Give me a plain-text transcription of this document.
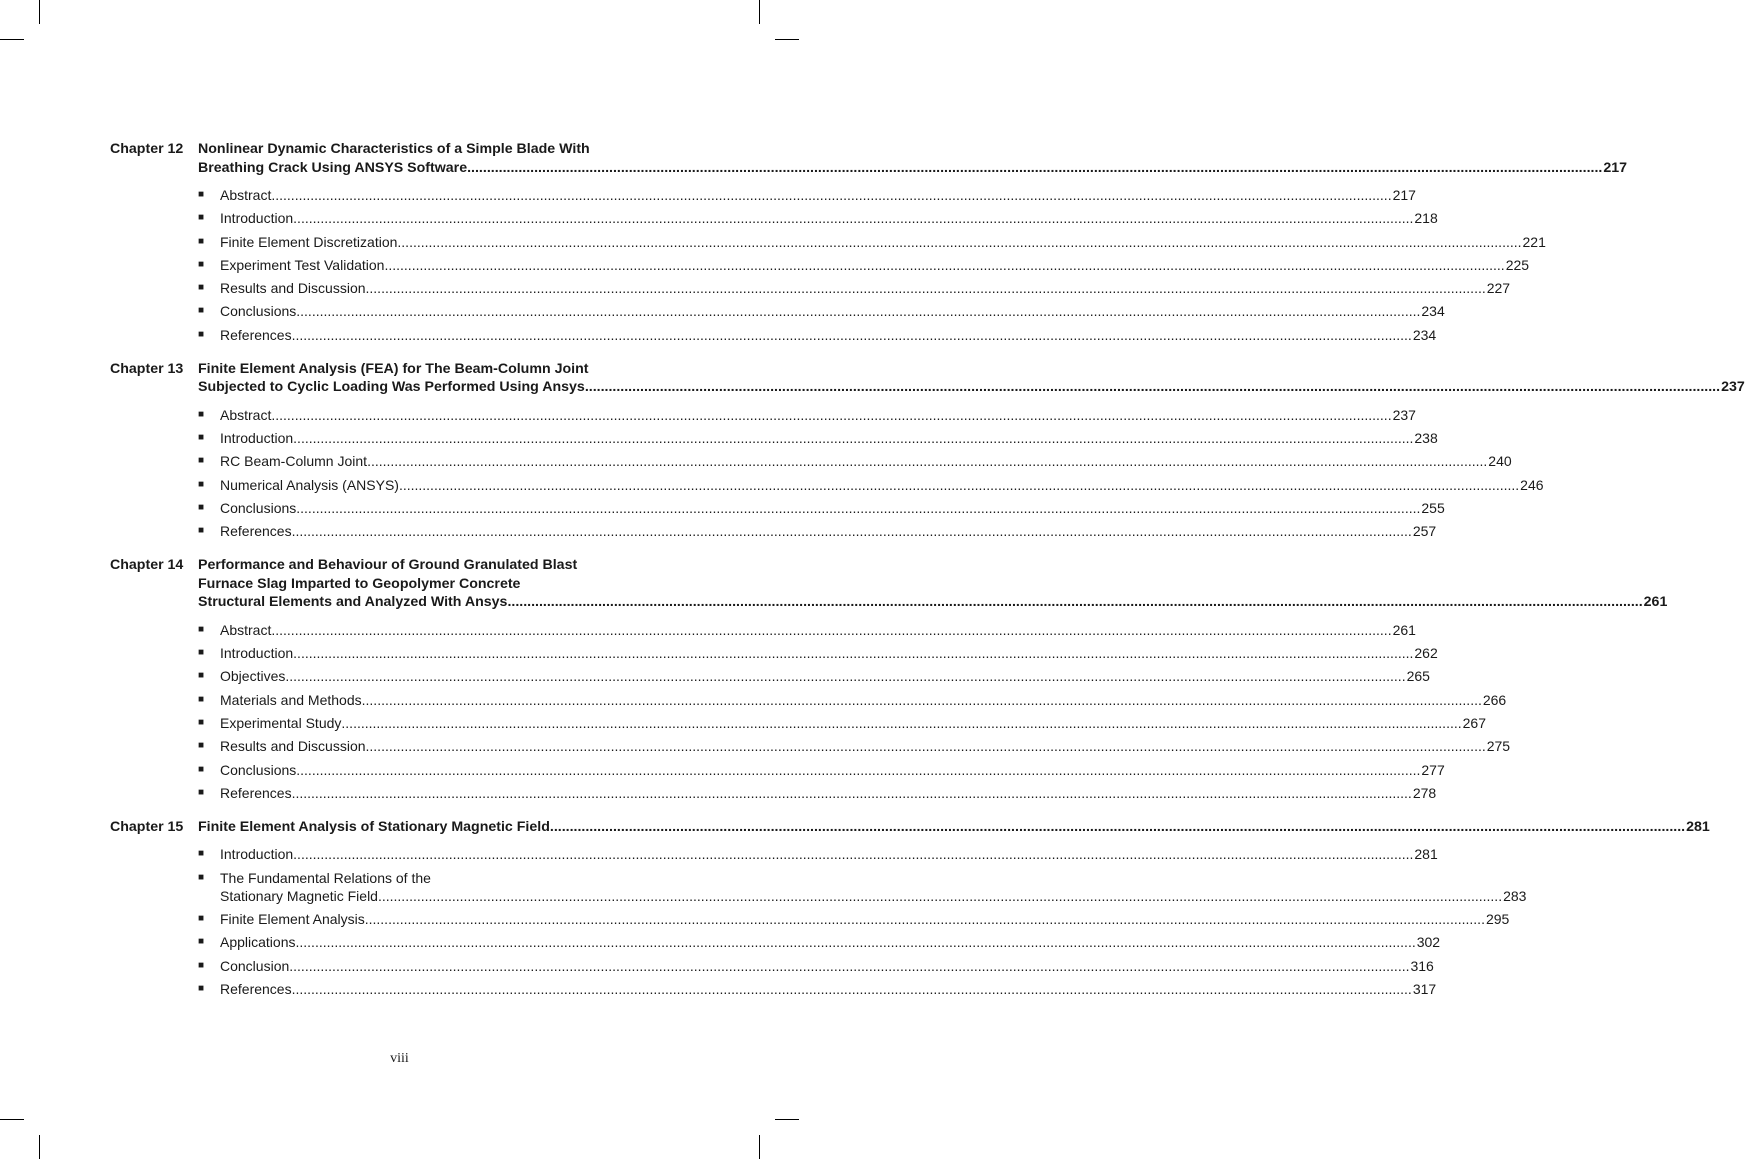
Chapter 12	Nonlinear Dynamic Characteristics of a Simple Blade With
Breathing Crack Using ANSYS Software .....	217
■	Abstract .....	217
■	Introduction .....	218
■	Finite Element Discretization. .....	221
■	Experiment Test Validation .....	225
■	Results and Discussion .....	227
■	Conclusions. .....	234
■	References .....	234
Chapter 13	Finite Element Analysis (FEA) for The Beam-Column Joint
Subjected to Cyclic Loading Was Performed Using Ansys .....	237
■	Abstract .....	237
■	Introduction .....	238
■	RC Beam-Column Joint .....	240
■	Numerical Analysis (ANSYS) .....	246
■	Conclusions. .....	255
■	References .....	257
Chapter 14	Performance and Behaviour of Ground Granulated Blast
Furnace Slag Imparted to Geopolymer Concrete
Structural Elements and Analyzed With Ansys .....	261
■	Abstract .....	261
■	Introduction .....	262
■	Objectives .....	265
■	Materials and Methods .....	266
■	Experimental Study .....	267
■	Results and Discussion .....	275
■	Conclusions. .....	277
■	References .....	278
Chapter 15	Finite Element Analysis of Stationary Magnetic Field .....	281
■	Introduction .....	281
■	The Fundamental Relations of the
Stationary Magnetic Field. .....	283
■	Finite Element Analysis .....	295
■	Applications .....	302
■	Conclusion .....	316
■	References .....	317
viii
